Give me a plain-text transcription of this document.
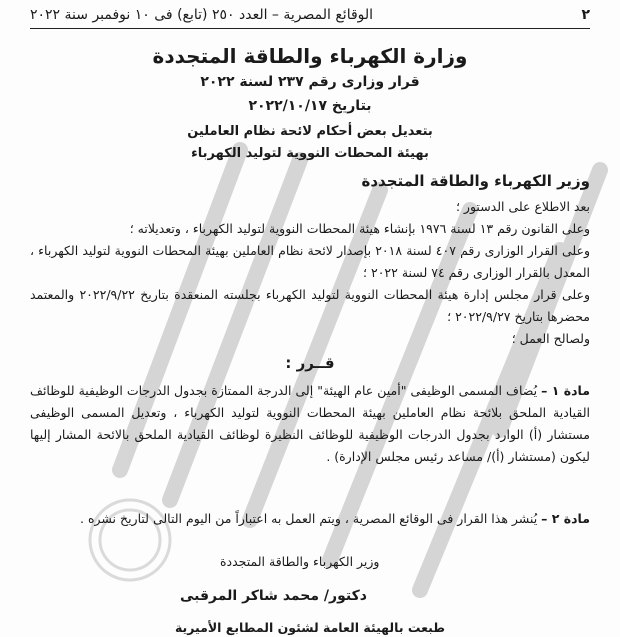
٢
الوقائع المصرية – العدد ٢٥٠ (تابع) فى ١٠ نوفمبر سنة ٢٠٢٢
وزارة الكهرباء والطاقة المتجددة
قرار وزارى رقم ٢٣٧ لسنة ٢٠٢٢
بتاريخ ٢٠٢٢/١٠/١٧
بتعديل بعض أحكام لائحة نظام العاملين
بهيئة المحطات النووية لتوليد الكهرباء
وزير الكهرباء والطاقة المتجددة
بعد الاطلاع على الدستور ؛
وعلى القانون رقم ١٣ لسنة ١٩٧٦ بإنشاء هيئة المحطات النووية لتوليد الكهرباء ، وتعديلاته ؛
وعلى القرار الوزارى رقم ٤٠٧ لسنة ٢٠١٨ بإصدار لائحة نظام العاملين بهيئة المحطات النووية لتوليد الكهرباء ، المعدل بالقرار الوزارى رقم ٧٤ لسنة ٢٠٢٢ ؛
وعلى قرار مجلس إدارة هيئة المحطات النووية لتوليد الكهرباء بجلسته المنعقدة بتاريخ ٢٠٢٢/٩/٢٢ والمعتمد محضرها بتاريخ ٢٠٢٢/٩/٢٧ ؛
ولصالح العمل ؛
قــرر :
مادة ١ – يُضاف المسمى الوظيفى "أمين عام الهيئة" إلى الدرجة الممتازة بجدول الدرجات الوظيفية للوظائف القيادية الملحق بلائحة نظام العاملين بهيئة المحطات النووية لتوليد الكهرباء ، وتعديل المسمى الوظيفى مستشار (أ) الوارد بجدول الدرجات الوظيفية للوظائف النظيرة لوظائف القيادية الملحق بالائحة المشار إليها ليكون (مستشار (أ)/ مساعد رئيس مجلس الإدارة) .
مادة ٢ – يُنشر هذا القرار فى الوقائع المصرية ، ويتم العمل به اعتباراً من اليوم التالى لتاريخ نشره .
وزير الكهرباء والطاقة المتجددة
دكتور/ محمد شاكر المرقبى
طبعت بالهيئة العامة لشئون المطابع الأميرية
